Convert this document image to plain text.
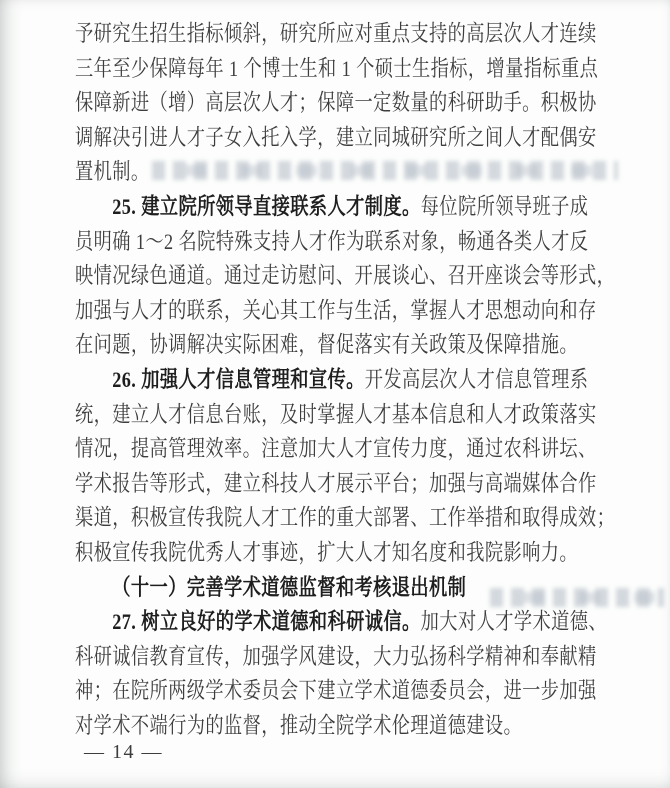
予研究生招生指标倾斜，研究所应对重点支持的高层次人才连续
三年至少保障每年 1 个博士生和 1 个硕士生指标，增量指标重点
保障新进（增）高层次人才；保障一定数量的科研助手。积极协
调解决引进人才子女入托入学，建立同城研究所之间人才配偶安
置机制。
25. 建立院所领导直接联系人才制度。每位院所领导班子成
员明确 1～2 名院特殊支持人才作为联系对象，畅通各类人才反
映情况绿色通道。通过走访慰问、开展谈心、召开座谈会等形式，
加强与人才的联系，关心其工作与生活，掌握人才思想动向和存
在问题，协调解决实际困难，督促落实有关政策及保障措施。
26. 加强人才信息管理和宣传。开发高层次人才信息管理系
统，建立人才信息台账，及时掌握人才基本信息和人才政策落实
情况，提高管理效率。注意加大人才宣传力度，通过农科讲坛、
学术报告等形式，建立科技人才展示平台；加强与高端媒体合作
渠道，积极宣传我院人才工作的重大部署、工作举措和取得成效；
积极宣传我院优秀人才事迹，扩大人才知名度和我院影响力。
（十一）完善学术道德监督和考核退出机制
27. 树立良好的学术道德和科研诚信。加大对人才学术道德、
科研诚信教育宣传，加强学风建设，大力弘扬科学精神和奉献精
神；在院所两级学术委员会下建立学术道德委员会，进一步加强
对学术不端行为的监督，推动全院学术伦理道德建设。
— 14 —
